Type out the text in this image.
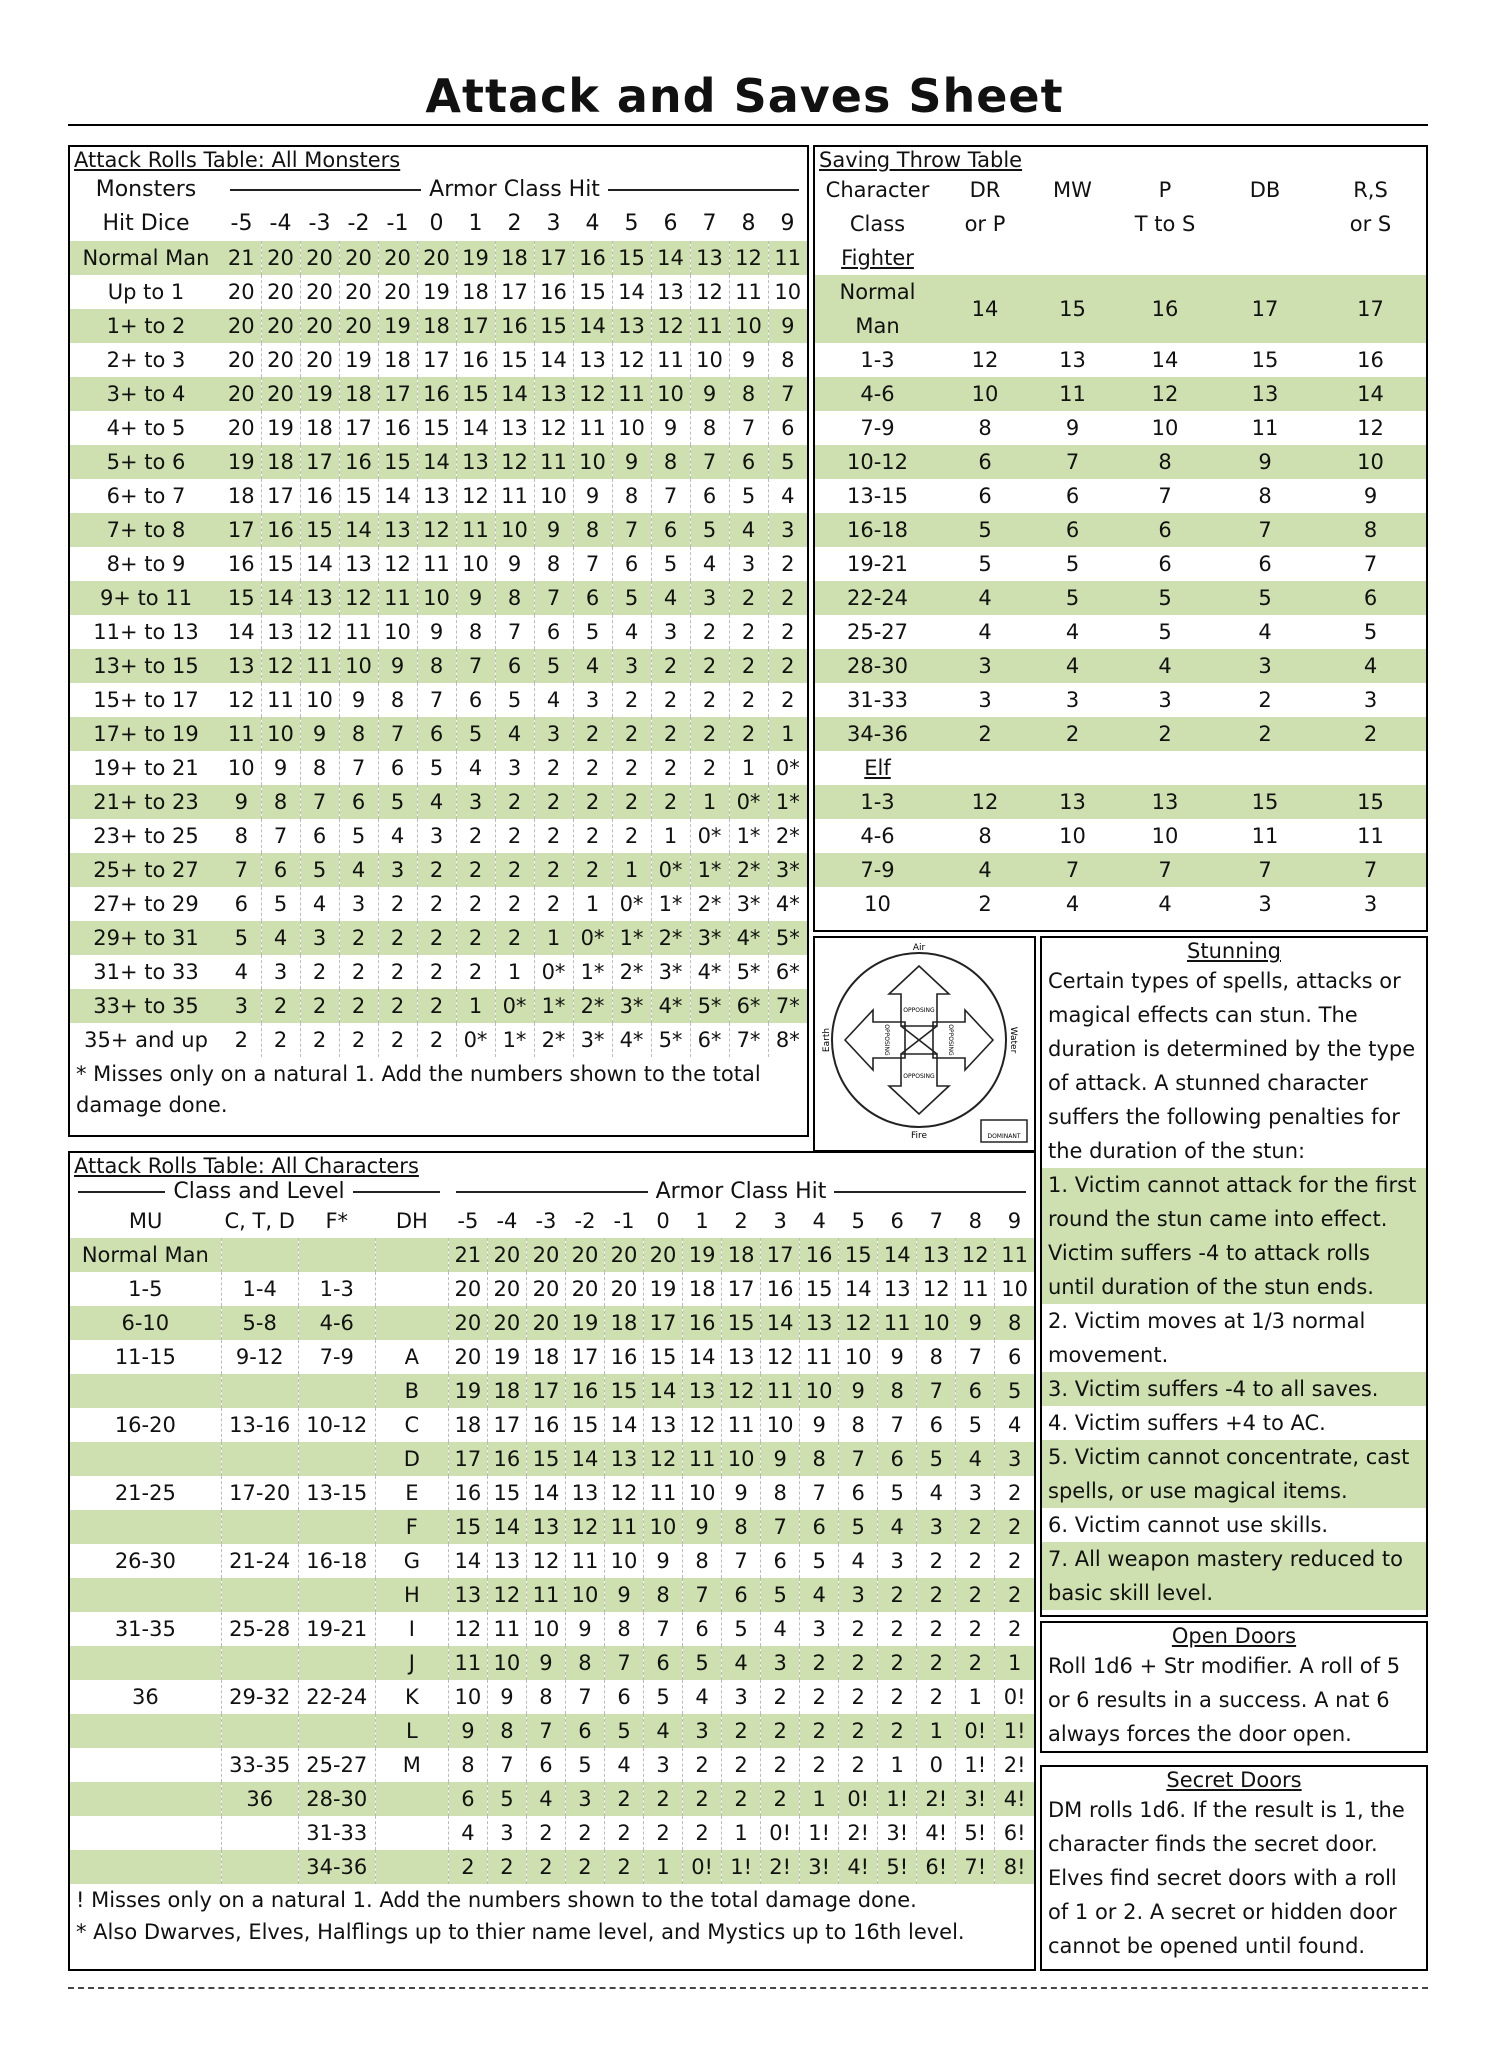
Attack and Saves Sheet
Attack Rolls Table: All Monsters
Monsters	Armor Class Hit														

Hit Dice	-5	-4	-3	-2	-1	0	1	2	3	4	5	6	7	8	9
Normal Man	21	20	20	20	20	20	19	18	17	16	15	14	13	12	11
Up to 1	20	20	20	20	20	19	18	17	16	15	14	13	12	11	10
1+ to 2	20	20	20	20	19	18	17	16	15	14	13	12	11	10	9
2+ to 3	20	20	20	19	18	17	16	15	14	13	12	11	10	9	8
3+ to 4	20	20	19	18	17	16	15	14	13	12	11	10	9	8	7
4+ to 5	20	19	18	17	16	15	14	13	12	11	10	9	8	7	6
5+ to 6	19	18	17	16	15	14	13	12	11	10	9	8	7	6	5
6+ to 7	18	17	16	15	14	13	12	11	10	9	8	7	6	5	4
7+ to 8	17	16	15	14	13	12	11	10	9	8	7	6	5	4	3
8+ to 9	16	15	14	13	12	11	10	9	8	7	6	5	4	3	2
9+ to 11	15	14	13	12	11	10	9	8	7	6	5	4	3	2	2
11+ to 13	14	13	12	11	10	9	8	7	6	5	4	3	2	2	2
13+ to 15	13	12	11	10	9	8	7	6	5	4	3	2	2	2	2
15+ to 17	12	11	10	9	8	7	6	5	4	3	2	2	2	2	2
17+ to 19	11	10	9	8	7	6	5	4	3	2	2	2	2	2	1
19+ to 21	10	9	8	7	6	5	4	3	2	2	2	2	2	1	0*
21+ to 23	9	8	7	6	5	4	3	2	2	2	2	2	1	0*	1*
23+ to 25	8	7	6	5	4	3	2	2	2	2	2	1	0*	1*	2*
25+ to 27	7	6	5	4	3	2	2	2	2	2	1	0*	1*	2*	3*
27+ to 29	6	5	4	3	2	2	2	2	2	1	0*	1*	2*	3*	4*
29+ to 31	5	4	3	2	2	2	2	2	1	0*	1*	2*	3*	4*	5*
31+ to 33	4	3	2	2	2	2	2	1	0*	1*	2*	3*	4*	5*	6*
33+ to 35	3	2	2	2	2	2	1	0*	1*	2*	3*	4*	5*	6*	7*
35+ and up	2	2	2	2	2	2	0*	1*	2*	3*	4*	5*	6*	7*	8*
* Misses only on a natural 1. Add the numbers shown to the total damage done.
Saving Throw Table
Character	DR	MW	P	DB	R,S
Class	or P		T to S		or S
Fighter					
Normal Man	14	15	16	17	17
1-3	12	13	14	15	16
4-6	10	11	12	13	14
7-9	8	9	10	11	12
10-12	6	7	8	9	10
13-15	6	6	7	8	9
16-18	5	6	6	7	8
19-21	5	5	6	6	7
22-24	4	5	5	5	6
25-27	4	4	5	4	5
28-30	3	4	4	3	4
31-33	3	3	3	2	3
34-36	2	2	2	2	2
Elf					
1-3	12	13	13	15	15
4-6	8	10	10	11	11
7-9	4	7	7	7	7
10	2	4	4	3	3
Air
Water
Fire
Earth
OPPOSING
OPPOSING
OPPOSING	OPPOSING
DOMINANT
Stunning
Certain types of spells, attacks or
magical effects can stun. The
duration is determined by the type
of attack. A stunned character
suffers the following penalties for
the duration of the stun:
1. Victim cannot attack for the first
round the stun came into effect.
Victim suffers -4 to attack rolls
until duration of the stun ends.
2. Victim moves at 1/3 normal
movement.
3. Victim suffers -4 to all saves.
4. Victim suffers +4 to AC.
5. Victim cannot concentrate, cast
spells, or use magical items.
6. Victim cannot use skills.
7. All weapon mastery reduced to
basic skill level.
Open Doors
Roll 1d6 + Str modifier. A roll of 5
or 6 results in a success. A nat 6
always forces the door open.
Secret Doors
DM rolls 1d6. If the result is 1, the
character finds the secret door.
Elves find secret doors with a roll
of 1 or 2. A secret or hidden door
cannot be opened until found.
Attack Rolls Table: All Characters
Class and Level	Armor Class Hit
MU	C, T, D	F*	DH	-5	-4	-3	-2	-1	0	1	2	3	4	5	6	7	8	9
Normal Man				21	20	20	20	20	20	19	18	17	16	15	14	13	12	11
1-5	1-4	1-3		20	20	20	20	20	19	18	17	16	15	14	13	12	11	10
6-10	5-8	4-6		20	20	20	19	18	17	16	15	14	13	12	11	10	9	8
11-15	9-12	7-9	A	20	19	18	17	16	15	14	13	12	11	10	9	8	7	6
			B	19	18	17	16	15	14	13	12	11	10	9	8	7	6	5
16-20	13-16	10-12	C	18	17	16	15	14	13	12	11	10	9	8	7	6	5	4
			D	17	16	15	14	13	12	11	10	9	8	7	6	5	4	3
21-25	17-20	13-15	E	16	15	14	13	12	11	10	9	8	7	6	5	4	3	2
			F	15	14	13	12	11	10	9	8	7	6	5	4	3	2	2
26-30	21-24	16-18	G	14	13	12	11	10	9	8	7	6	5	4	3	2	2	2
			H	13	12	11	10	9	8	7	6	5	4	3	2	2	2	2
31-35	25-28	19-21	I	12	11	10	9	8	7	6	5	4	3	2	2	2	2	2
			J	11	10	9	8	7	6	5	4	3	2	2	2	2	2	1
36	29-32	22-24	K	10	9	8	7	6	5	4	3	2	2	2	2	2	1	0!
			L	9	8	7	6	5	4	3	2	2	2	2	2	1	0!	1!
	33-35	25-27	M	8	7	6	5	4	3	2	2	2	2	2	1	0	1!	2!
	36	28-30		6	5	4	3	2	2	2	2	2	1	0!	1!	2!	3!	4!
		31-33		4	3	2	2	2	2	2	1	0!	1!	2!	3!	4!	5!	6!
		34-36		2	2	2	2	2	1	0!	1!	2!	3!	4!	5!	6!	7!	8!
! Misses only on a natural 1. Add the numbers shown to the total damage done.
* Also Dwarves, Elves, Halflings up to thier name level, and Mystics up to 16th level.
